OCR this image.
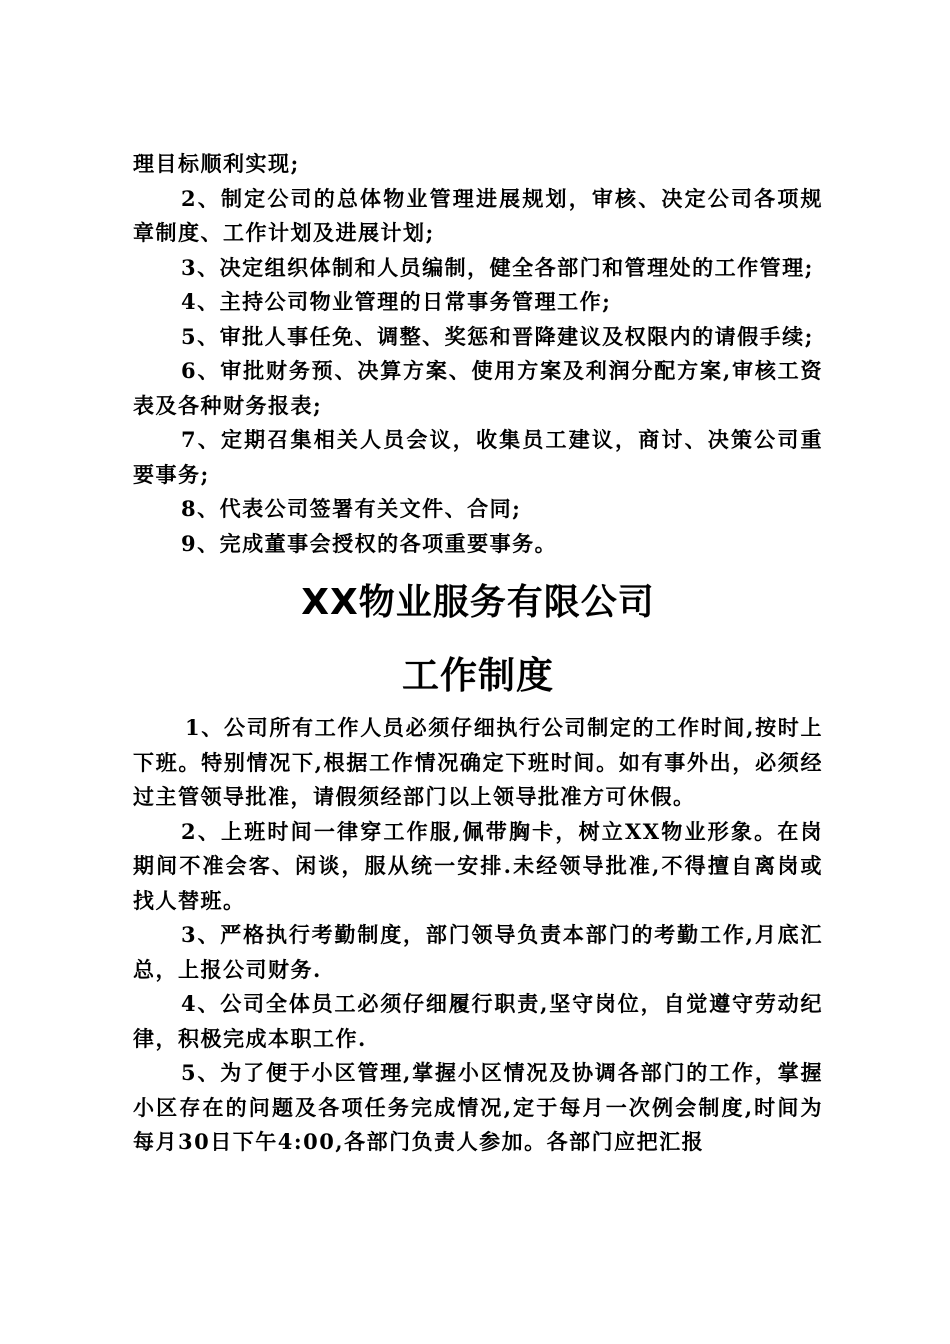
理目标顺利实现;

2、制定公司的总体物业管理进展规划，审核、决定公司各项规章制度、工作计划及进展计划;

3、决定组织体制和人员编制，健全各部门和管理处的工作管理;

4、主持公司物业管理的日常事务管理工作;

5、审批人事任免、调整、奖惩和晋降建议及权限内的请假手续;

6、审批财务预、决算方案、使用方案及利润分配方案,审核工资表及各种财务报表;

7、定期召集相关人员会议，收集员工建议，商讨、决策公司重要事务;

8、代表公司签署有关文件、合同;

9、完成董事会授权的各项重要事务。

XX物业服务有限公司
工作制度

1、公司所有工作人员必须仔细执行公司制定的工作时间,按时上下班。特别情况下,根据工作情况确定下班时间。如有事外出，必须经过主管领导批准，请假须经部门以上领导批准方可休假。

2、上班时间一律穿工作服,佩带胸卡，树立XX物业形象。在岗期间不准会客、闲谈，服从统一安排.未经领导批准,不得擅自离岗或找人替班。

3、严格执行考勤制度，部门领导负责本部门的考勤工作,月底汇总，上报公司财务.

4、公司全体员工必须仔细履行职责,坚守岗位，自觉遵守劳动纪律，积极完成本职工作.

5、为了便于小区管理,掌握小区情况及协调各部门的工作，掌握小区存在的问题及各项任务完成情况,定于每月一次例会制度,时间为每月30日下午4:00,各部门负责人参加。各部门应把汇报
